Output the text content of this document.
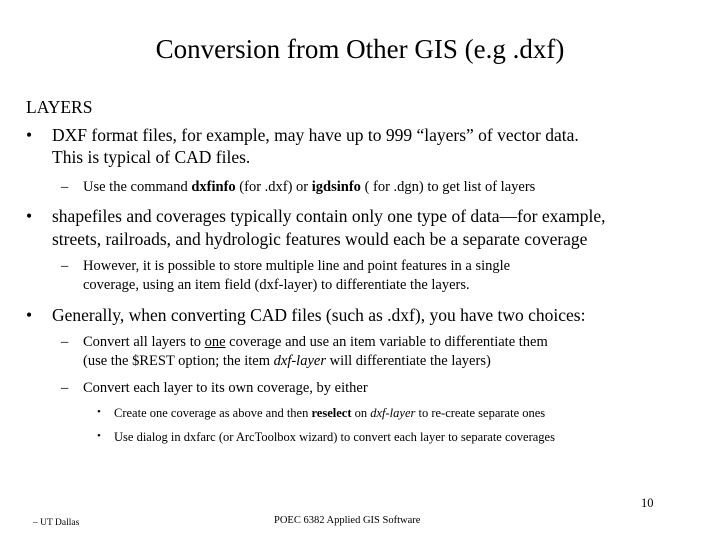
Conversion from Other GIS (e.g .dxf)
LAYERS
•	DXF format files, for example, may have up to 999 “layers” of vector data.
This is typical of CAD files.
– Use the command dxfinfo (for .dxf) or igdsinfo ( for .dgn) to get list of layers
•	shapefiles and coverages typically contain only one type of data—for example,
streets, railroads, and hydrologic features would each be a separate coverage
– However, it is possible to store multiple line and point features in a single
coverage, using an item field (dxf-layer) to differentiate the layers.
•	Generally, when converting CAD files (such as .dxf), you have two choices:
– Convert all layers to one coverage and use an item variable to differentiate them
(use the $REST option; the item dxf-layer will differentiate the layers)
– Convert each layer to its own coverage, by either
• Create one coverage as above and then reselect on dxf-layer to re-create separate ones
• Use dialog in dxfarc (or ArcToolbox wizard) to convert each layer to separate coverages
10
– UT Dallas	POEC 6382 Applied GIS Software
